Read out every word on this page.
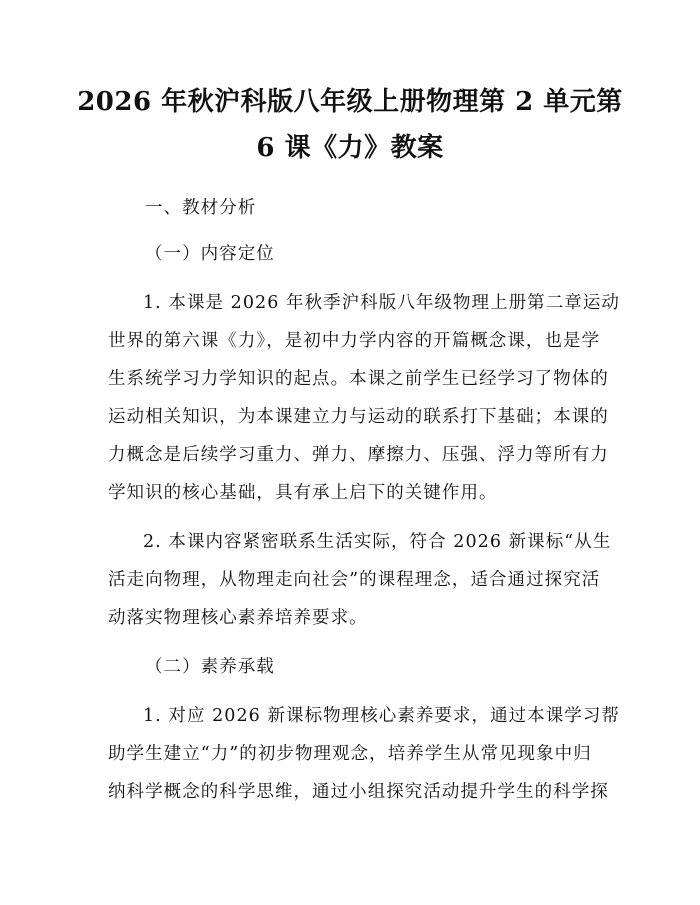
2026 年秋沪科版八年级上册物理第 2 单元第
6 课《力》教案
一、教材分析
（一）内容定位
1. 本课是 2026 年秋季沪科版八年级物理上册第二章运动
世界的第六课《力》，是初中力学内容的开篇概念课，也是学
生系统学习力学知识的起点。本课之前学生已经学习了物体的
运动相关知识，为本课建立力与运动的联系打下基础；本课的
力概念是后续学习重力、弹力、摩擦力、压强、浮力等所有力
学知识的核心基础，具有承上启下的关键作用。
2. 本课内容紧密联系生活实际，符合 2026 新课标“从生
活走向物理，从物理走向社会”的课程理念，适合通过探究活
动落实物理核心素养培养要求。
（二）素养承载
1. 对应 2026 新课标物理核心素养要求，通过本课学习帮
助学生建立“力”的初步物理观念，培养学生从常见现象中归
纳科学概念的科学思维，通过小组探究活动提升学生的科学探
